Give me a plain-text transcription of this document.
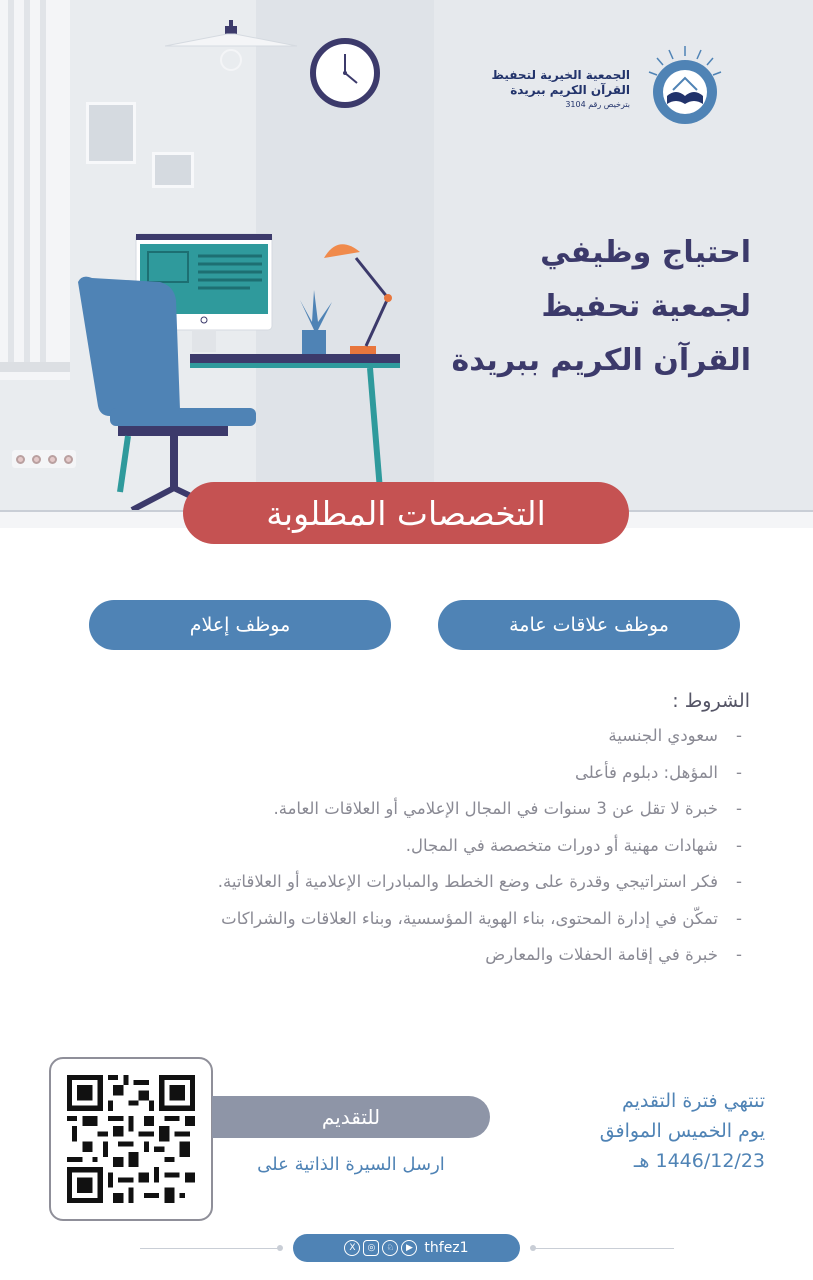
الجمعية الخيرية لتحفيظ
القرآن الكريم ببريدة
بترخيص رقم 3104
احتياج وظيفي
لجمعية تحفيظ
القرآن الكريم ببريدة
التخصصات المطلوبة
موظف علاقات عامة
موظف إعلام
الشروط :
-
سعودي الجنسية
-
المؤهل: دبلوم فأعلى
-
خبرة لا تقل عن 3 سنوات في المجال الإعلامي أو العلاقات العامة.
-
شهادات مهنية أو دورات متخصصة في المجال.
-
فكر استراتيجي وقدرة على وضع الخطط والمبادرات الإعلامية أو العلاقاتية.
-
تمكّن في إدارة المحتوى، بناء الهوية المؤسسية، وبناء العلاقات والشراكات
-
خبرة في إقامة الحفلات والمعارض
للتقديم
ارسل السيرة الذاتية على
تنتهي فترة التقديم
يوم الخميس الموافق
1446/12/23 هـ
X	◎	♘	▶ thfez1
